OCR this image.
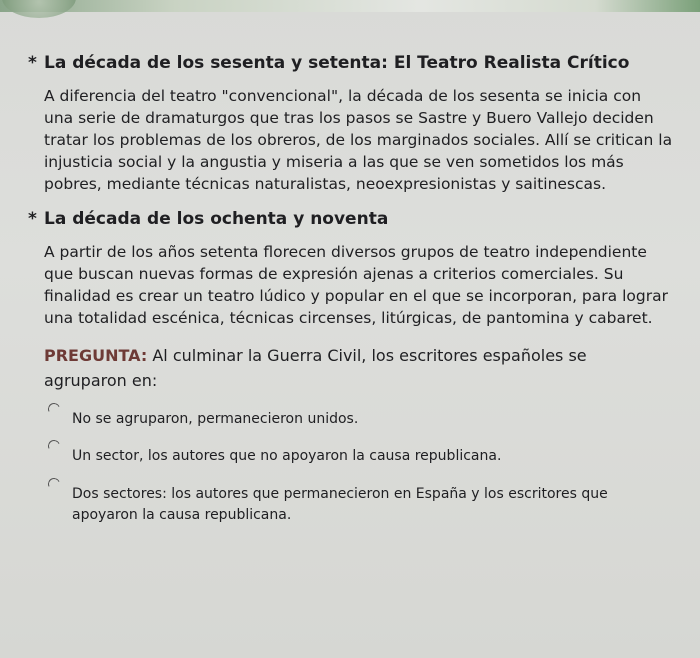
* La década de los sesenta y setenta: El Teatro Realista Crítico

A diferencia del teatro "convencional", la década de los sesenta se inicia con una serie de dramaturgos que tras los pasos se Sastre y Buero Vallejo deciden tratar los problemas de los obreros, de los marginados sociales. Allí se critican la injusticia social y la angustia y miseria a las que se ven sometidos los más pobres, mediante técnicas naturalistas, neoexpresionistas y saitinescas.

* La década de los ochenta y noventa

A partir de los años setenta florecen diversos grupos de teatro independiente que buscan nuevas formas de expresión ajenas a criterios comerciales. Su finalidad es crear un teatro lúdico y popular en el que se incorporan, para lograr una totalidad escénica, técnicas circenses, litúrgicas, de pantomina y cabaret.

PREGUNTA: Al culminar la Guerra Civil, los escritores españoles se agruparon en:
No se agruparon, permanecieron unidos.
Un sector, los autores que no apoyaron la causa republicana.
Dos sectores: los autores que permanecieron en España y los escritores que apoyaron la causa republicana.
